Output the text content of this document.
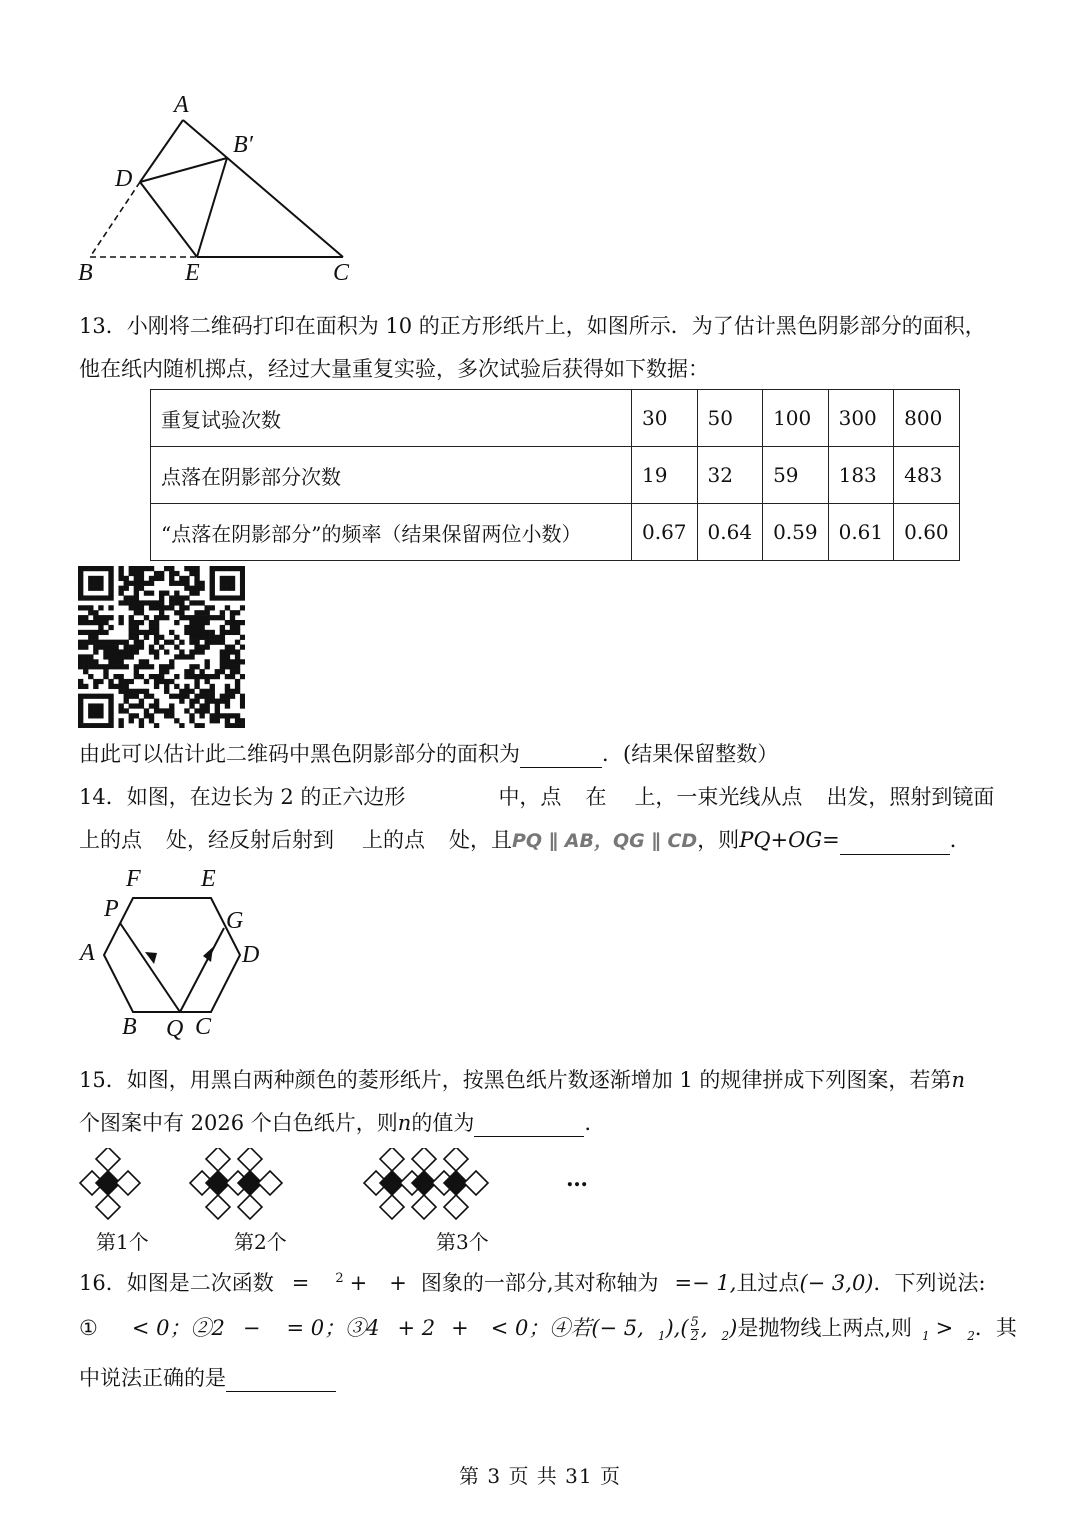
A
B′
D
B	E	C
13．小刚将二维码打印在面积为 10 的正方形纸片上，如图所示．为了估计黑色阴影部分的面积，
他在纸内随机掷点，经过大量重复实验，多次试验后获得如下数据：
重复试验次数	30	50	100	300	800
点落在阴影部分次数	19	32	59	183	483
“点落在阴影部分”的频率（结果保留两位小数）	0.67	0.64	0.59	0.61	0.60
由此可以估计此二维码中黑色阴影部分的面积为	．(结果保留整数）
14．如图，在边长为 2 的正六边形	中，点 在 上，一束光线从点 出发，照射到镜面
上的点 处，经反射后射到 上的点 处，且PQ ∥ AB，QG ∥ CD，则PQ+OG=	．
F	E
P	G
A	D
B Q C
15．如图，用黑白两种颜色的菱形纸片，按黑色纸片数逐渐增加 1 的规律拼成下列图案，若第n
个图案中有 2026 个白色纸片，则n的值为	.
…
第1个	第2个	第3个
16．如图是二次函数 = $^2$ + + 图象的一部分,其对称轴为 =− 1,且过点(− 3,0)．下列说法:
① < 0；②2 − = 0；③4 + 2 + < 0；④若(− 5, $_1),( \frac{5}{2}$ , $_2$)是抛物线上两点,则 $_1$ > $_2$．其
中说法正确的是
第 3 页 共 31 页
